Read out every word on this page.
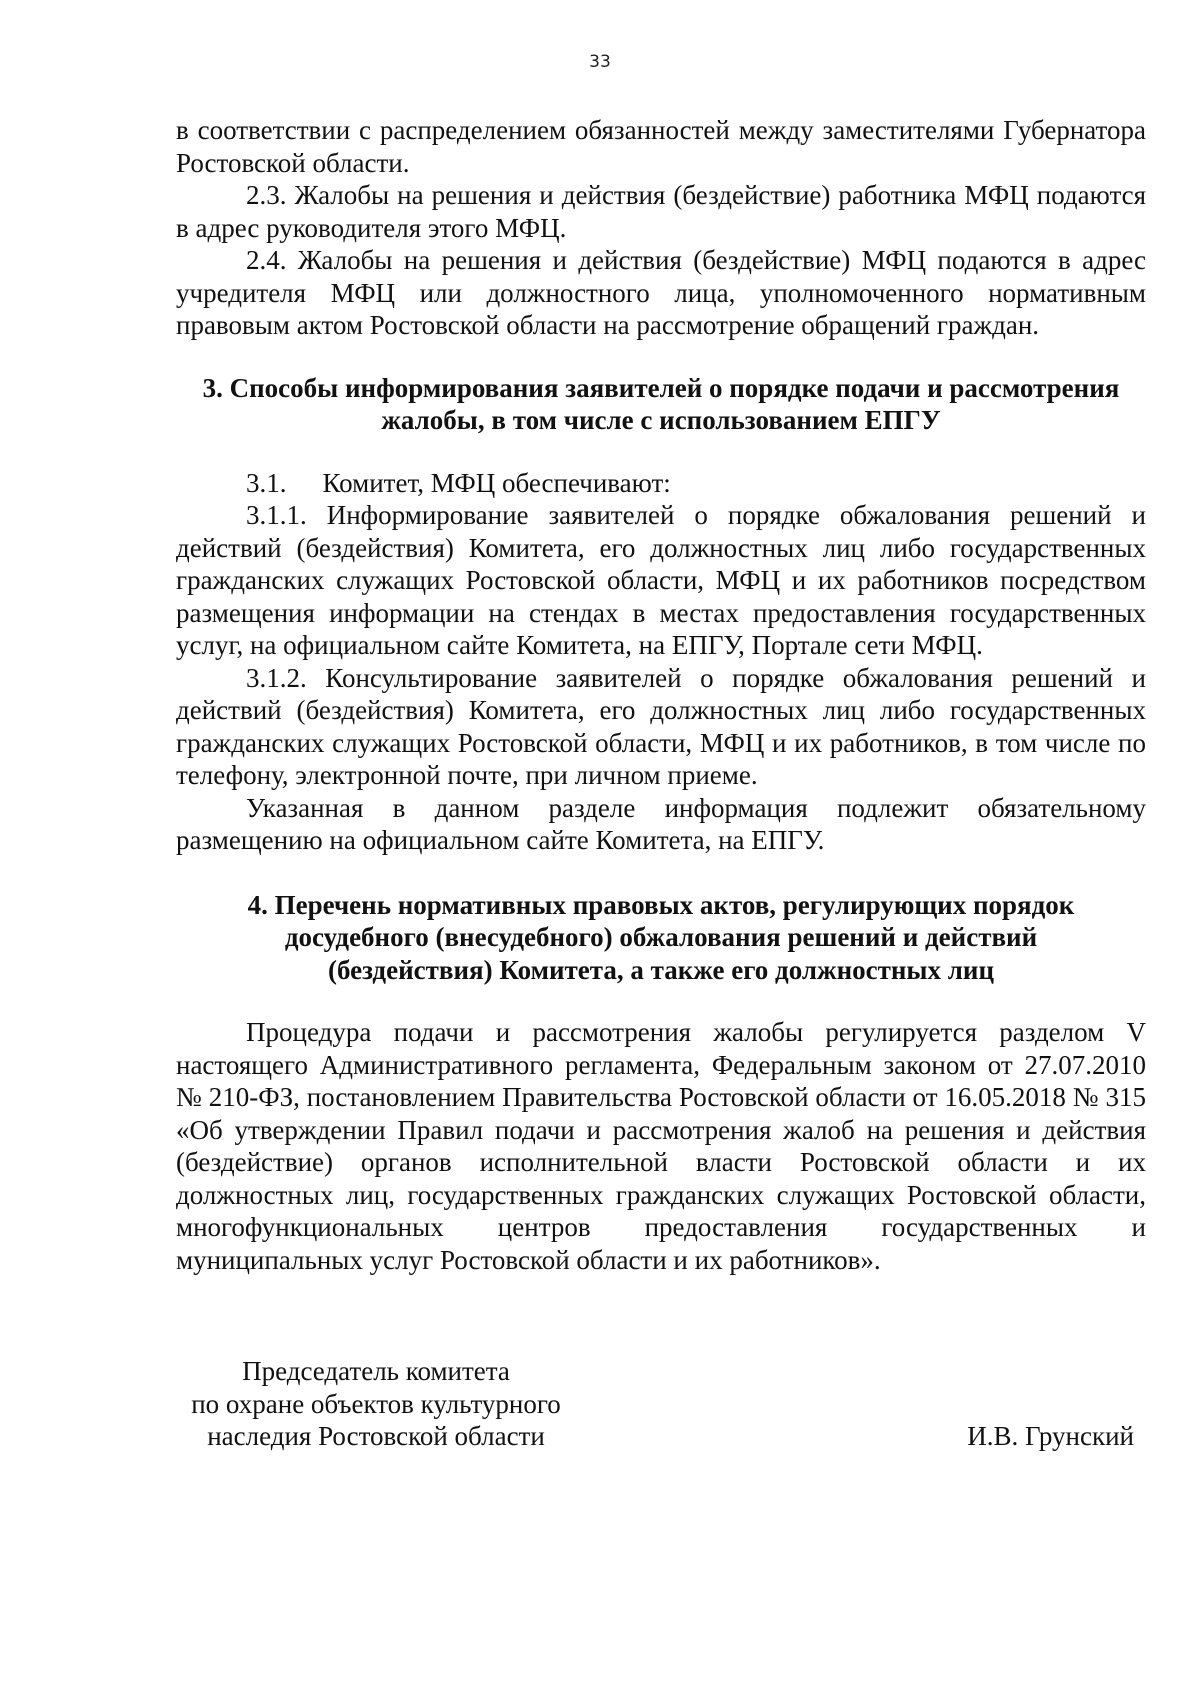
33

в соответствии с распределением обязанностей между заместителями Губернатора Ростовской области.

2.3. Жалобы на решения и действия (бездействие) работника МФЦ подаются в адрес руководителя этого МФЦ.

2.4. Жалобы на решения и действия (бездействие) МФЦ подаются в адрес учредителя МФЦ или должностного лица, уполномоченного нормативным правовым актом Ростовской области на рассмотрение обращений граждан.

3. Способы информирования заявителей о порядке подачи и рассмотрения жалобы, в том числе с использованием ЕПГУ

3.1. Комитет, МФЦ обеспечивают:

3.1.1. Информирование заявителей о порядке обжалования решений и действий (бездействия) Комитета, его должностных лиц либо государственных гражданских служащих Ростовской области, МФЦ и их работников посредством размещения информации на стендах в местах предоставления государственных услуг, на официальном сайте Комитета, на ЕПГУ, Портале сети МФЦ.

3.1.2. Консультирование заявителей о порядке обжалования решений и действий (бездействия) Комитета, его должностных лиц либо государственных гражданских служащих Ростовской области, МФЦ и их работников, в том числе по телефону, электронной почте, при личном приеме.

Указанная в данном разделе информация подлежит обязательному размещению на официальном сайте Комитета, на ЕПГУ.

4. Перечень нормативных правовых актов, регулирующих порядок досудебного (внесудебного) обжалования решений и действий (бездействия) Комитета, а также его должностных лиц

Процедура подачи и рассмотрения жалобы регулируется разделом V настоящего Административного регламента, Федеральным законом от 27.07.2010 № 210-ФЗ, постановлением Правительства Ростовской области от 16.05.2018 № 315 «Об утверждении Правил подачи и рассмотрения жалоб на решения и действия (бездействие) органов исполнительной власти Ростовской области и их должностных лиц, государственных гражданских служащих Ростовской области, многофункциональных центров предоставления государственных и муниципальных услуг Ростовской области и их работников».

Председатель комитета
по охране объектов культурного
наследия Ростовской области	И.В. Грунский
